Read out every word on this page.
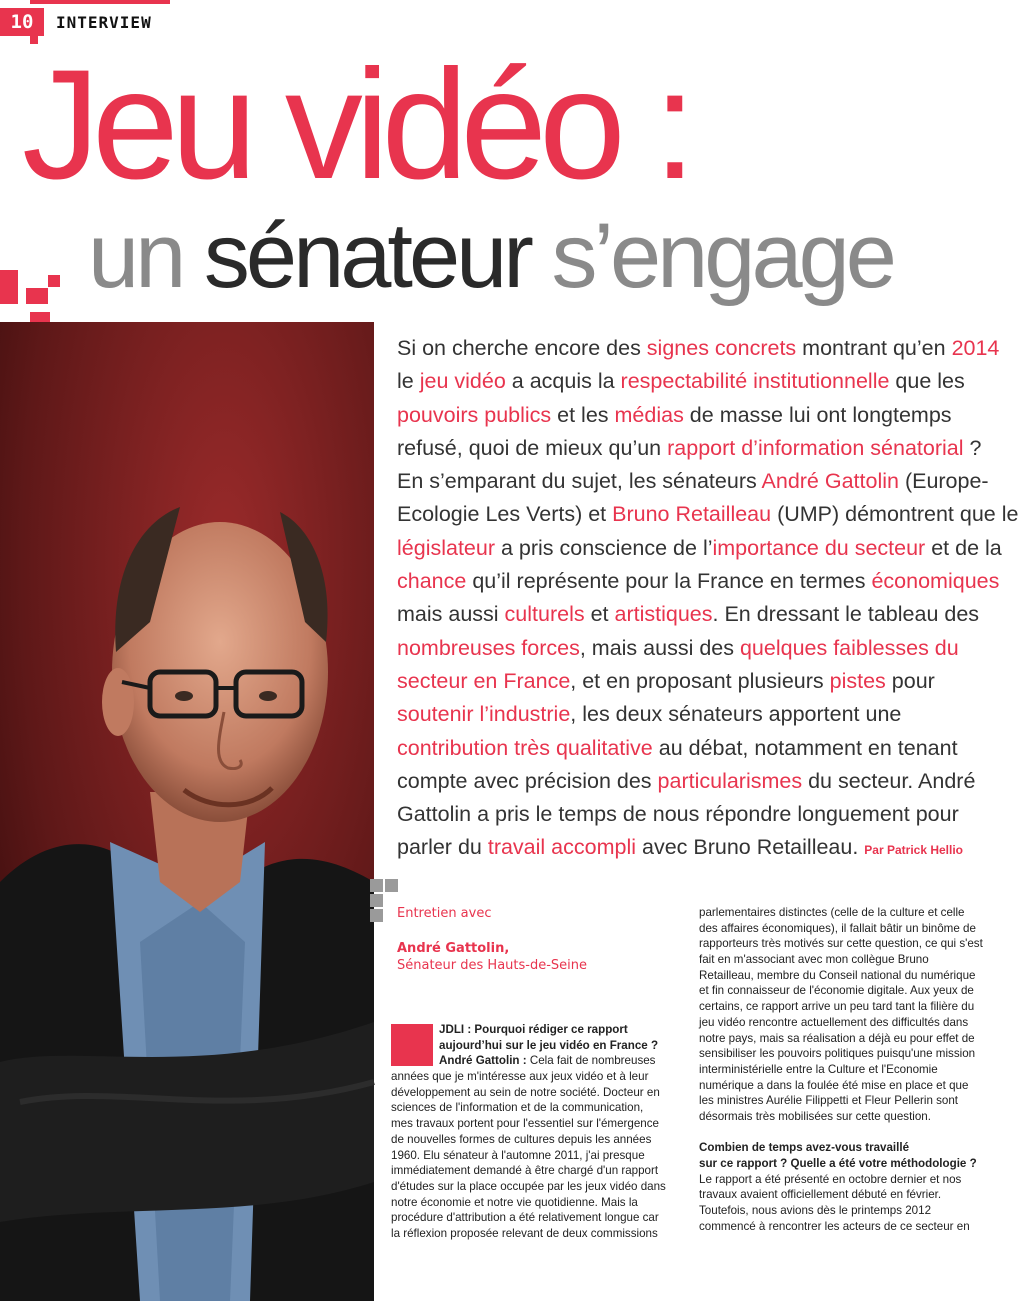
10	INTERVIEW
Jeu vidéo :
un sénateur s’engage
Si on cherche encore des signes concrets montrant qu’en 2014
le jeu vidéo a acquis la respectabilité institutionnelle que les
pouvoirs publics et les médias de masse lui ont longtemps
refusé, quoi de mieux qu’un rapport d’information sénatorial ?
En s’emparant du sujet, les sénateurs André Gattolin (Europe-
Ecologie Les Verts) et Bruno Retailleau (UMP) démontrent que le
législateur a pris conscience de l’importance du secteur et de la
chance qu’il représente pour la France en termes économiques
mais aussi culturels et artistiques. En dressant le tableau des
nombreuses forces, mais aussi des quelques faiblesses du
secteur en France, et en proposant plusieurs pistes pour
soutenir l’industrie, les deux sénateurs apportent une
contribution très qualitative au débat, notamment en tenant
compte avec précision des particularismes du secteur. André
Gattolin a pris le temps de nous répondre longuement pour
parler du travail accompli avec Bruno Retailleau. Par Patrick Hellio
Entretien avec
André Gattolin,
Sénateur des Hauts-de-Seine
JDLI : Pourquoi rédiger ce rapport
aujourd’hui sur le jeu vidéo en France ?
André Gattolin : Cela fait de nombreuses
années que je m'intéresse aux jeux vidéo et à leur
développement au sein de notre société. Docteur en
sciences de l'information et de la communication,
mes travaux portent pour l'essentiel sur l'émergence
de nouvelles formes de cultures depuis les années
1960. Elu sénateur à l'automne 2011, j'ai presque
immédiatement demandé à être chargé d'un rapport
d'études sur la place occupée par les jeux vidéo dans
notre économie et notre vie quotidienne. Mais la
procédure d'attribution a été relativement longue car
la réflexion proposée relevant de deux commissions
parlementaires distinctes (celle de la culture et celle
des affaires économiques), il fallait bâtir un binôme de
rapporteurs très motivés sur cette question, ce qui s'est
fait en m'associant avec mon collègue Bruno
Retailleau, membre du Conseil national du numérique
et fin connaisseur de l'économie digitale. Aux yeux de
certains, ce rapport arrive un peu tard tant la filière du
jeu vidéo rencontre actuellement des difficultés dans
notre pays, mais sa réalisation a déjà eu pour effet de
sensibiliser les pouvoirs politiques puisqu'une mission
interministérielle entre la Culture et l'Economie
numérique a dans la foulée été mise en place et que
les ministres Aurélie Filippetti et Fleur Pellerin sont
désormais très mobilisées sur cette question.
Combien de temps avez-vous travaillé
sur ce rapport ? Quelle a été votre méthodologie ?
Le rapport a été présenté en octobre dernier et nos
travaux avaient officiellement débuté en février.
Toutefois, nous avions dès le printemps 2012
commencé à rencontrer les acteurs de ce secteur en
